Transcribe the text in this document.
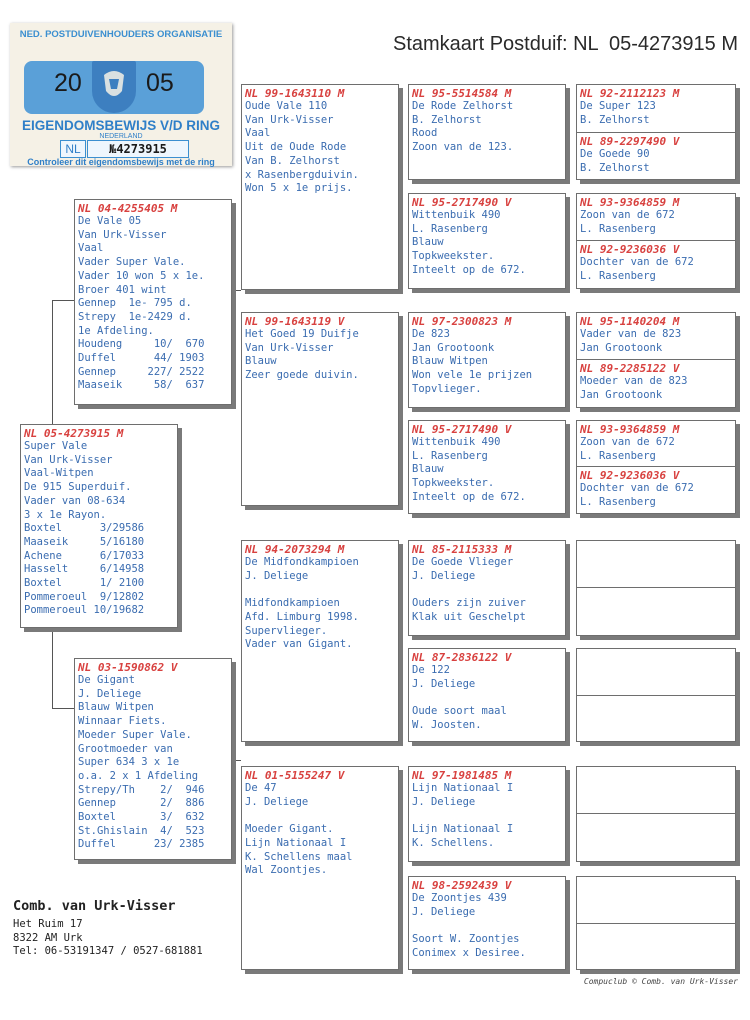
Stamkaart Postduif: NL  05-4273915 M
NED. POSTDUIVENHOUDERS ORGANISATIE
20	05
EIGENDOMSBEWIJS V/D RING
NEDERLAND
NL	№4273915
Controleer dit eigendomsbewijs met de ring
NL 05-4273915 M
Super Vale
Van Urk-Visser
Vaal-Witpen
De 915 Superduif.
Vader van 08-634
3 x 1e Rayon.
Boxtel      3/29586
Maaseik     5/16180
Achene      6/17033
Hasselt     6/14958
Boxtel      1/ 2100
Pommeroeul  9/12802
Pommeroeul 10/19682
NL 04-4255405 M
De Vale 05
Van Urk-Visser
Vaal
Vader Super Vale.
Vader 10 won 5 x 1e.
Broer 401 wint
Gennep  1e- 795 d.
Strepy  1e-2429 d.
1e Afdeling.
Houdeng     10/  670
Duffel      44/ 1903
Gennep     227/ 2522
Maaseik     58/  637
NL 03-1590862 V
De Gigant
J. Deliege
Blauw Witpen
Winnaar Fiets.
Moeder Super Vale.
Grootmoeder van
Super 634 3 x 1e
o.a. 2 x 1 Afdeling
Strepy/Th    2/  946
Gennep       2/  886
Boxtel       3/  632
St.Ghislain  4/  523
Duffel      23/ 2385
NL 99-1643110 M
Oude Vale 110
Van Urk-Visser
Vaal
Uit de Oude Rode
Van B. Zelhorst
x Rasenbergduivin.
Won 5 x 1e prijs.
NL 99-1643119 V
Het Goed 19 Duifje
Van Urk-Visser
Blauw
Zeer goede duivin.
NL 94-2073294 M
De Midfondkampioen
J. Deliege
Midfondkampioen
Afd. Limburg 1998.
Supervlieger.
Vader van Gigant.
NL 01-5155247 V
De 47
J. Deliege
Moeder Gigant.
Lijn Nationaal I
K. Schellens maal
Wal Zoontjes.
NL 95-5514584 M
De Rode Zelhorst
B. Zelhorst
Rood
Zoon van de 123.
NL 95-2717490 V
Wittenbuik 490
L. Rasenberg
Blauw
Topkweekster.
Inteelt op de 672.
NL 97-2300823 M
De 823
Jan Grootoonk
Blauw Witpen
Won vele 1e prijzen
Topvlieger.
NL 95-2717490 V
Wittenbuik 490
L. Rasenberg
Blauw
Topkweekster.
Inteelt op de 672.
NL 85-2115333 M
De Goede Vlieger
J. Deliege
Ouders zijn zuiver
Klak uit Geschelpt
NL 87-2836122 V
De 122
J. Deliege
Oude soort maal
W. Joosten.
NL 97-1981485 M
Lijn Nationaal I
J. Deliege
Lijn Nationaal I
K. Schellens.
NL 98-2592439 V
De Zoontjes 439
J. Deliege
Soort W. Zoontjes
Conimex x Desiree.
NL 92-2112123 M
De Super 123
B. Zelhorst
NL 89-2297490 V
De Goede 90
B. Zelhorst
NL 93-9364859 M
Zoon van de 672
L. Rasenberg
NL 92-9236036 V
Dochter van de 672
L. Rasenberg
NL 95-1140204 M
Vader van de 823
Jan Grootoonk
NL 89-2285122 V
Moeder van de 823
Jan Grootoonk
NL 93-9364859 M
Zoon van de 672
L. Rasenberg
NL 92-9236036 V
Dochter van de 672
L. Rasenberg
Comb. van Urk-Visser
Het Ruim 17
8322 AM Urk
Tel: 06-53191347 / 0527-681881
Compuclub © Comb. van Urk-Visser
